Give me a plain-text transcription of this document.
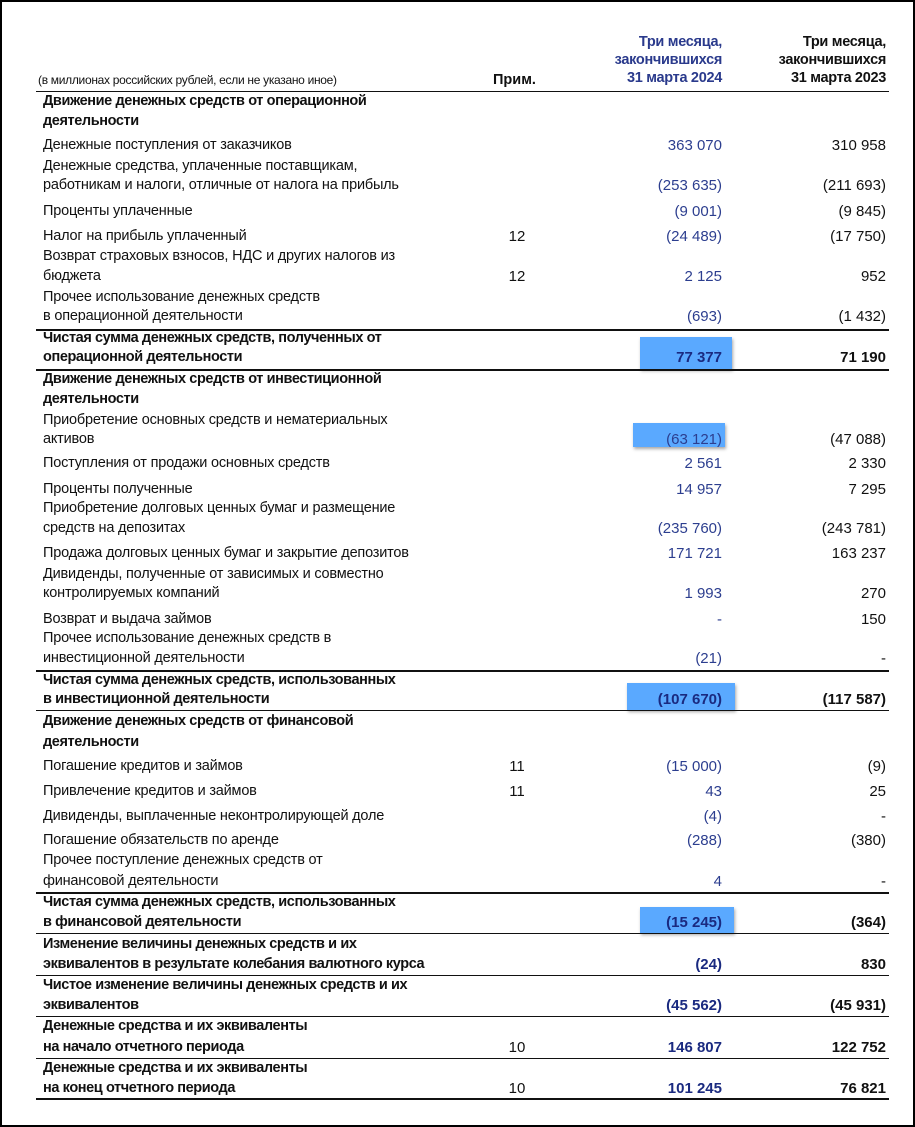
(в миллионах российских рублей, если не указано иное)	Прим.
Три месяца,
закончившихся
31 марта 2024
Три месяца,
закончившихся
31 марта 2023
Движение денежных средств от операционной
деятельности
Денежные поступления от заказчиков	363 070	310 958
Денежные средства, уплаченные поставщикам,
работникам и налоги, отличные от налога на прибыль	(253 635)	(211 693)
Проценты уплаченные	(9 001)	(9 845)
Налог на прибыль уплаченный	12	(24 489)	(17 750)
Возврат страховых взносов, НДС и других налогов из
бюджета	12	2 125	952
Прочее использование денежных средств
в операционной деятельности	(693)	(1 432)
Чистая сумма денежных средств, полученных от
операционной деятельности	77 377	71 190
Движение денежных средств от инвестиционной
деятельности
Приобретение основных средств и нематериальных
активов	(63 121)	(47 088)
Поступления от продажи основных средств	2 561	2 330
Проценты полученные	14 957	7 295
Приобретение долговых ценных бумаг и размещение
средств на депозитах	(235 760)	(243 781)
Продажа долговых ценных бумаг и закрытие депозитов	171 721	163 237
Дивиденды, полученные от зависимых и совместно
контролируемых компаний	1 993	270
Возврат и выдача займов	-	150
Прочее использование денежных средств в
инвестиционной деятельности	(21)	-
Чистая сумма денежных средств, использованных
в инвестиционной деятельности	(107 670)	(117 587)
Движение денежных средств от финансовой
деятельности
Погашение кредитов и займов	11	(15 000)	(9)
Привлечение кредитов и займов	11	43	25
Дивиденды, выплаченные неконтролирующей доле	(4)	-
Погашение обязательств по аренде	(288)	(380)
Прочее поступление денежных средств от
финансовой деятельности	4	-
Чистая сумма денежных средств, использованных
в финансовой деятельности	(15 245)	(364)
Изменение величины денежных средств и их
эквивалентов в результате колебания валютного курса	(24)	830
Чистое изменение величины денежных средств и их
эквивалентов	(45 562)	(45 931)
Денежные средства и их эквиваленты
на начало отчетного периода	10	146 807	122 752
Денежные средства и их эквиваленты
на конец отчетного периода	10	101 245	76 821
